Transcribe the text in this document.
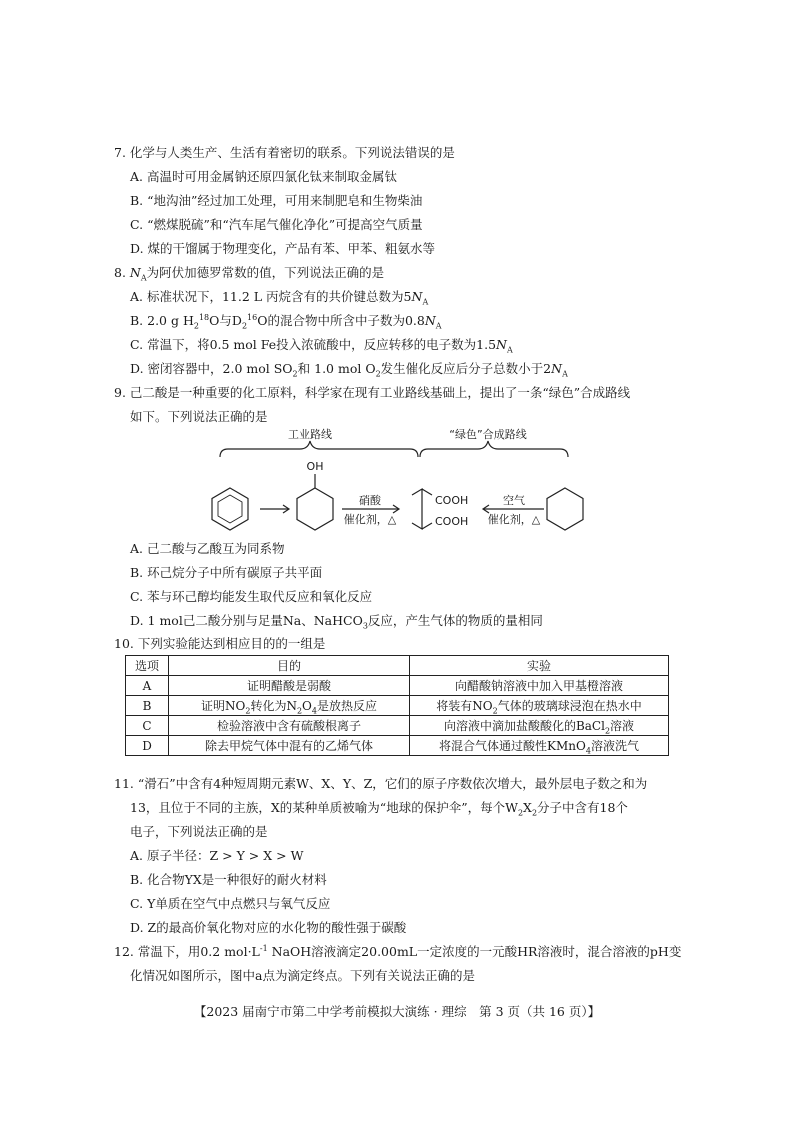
7. 化学与人类生产、生活有着密切的联系。下列说法错误的是
A. 高温时可用金属钠还原四氯化钛来制取金属钛
B. “地沟油”经过加工处理，可用来制肥皂和生物柴油
C. “燃煤脱硫”和“汽车尾气催化净化”可提高空气质量
D. 煤的干馏属于物理变化，产品有苯、甲苯、粗氨水等
8. $N_A$为阿伏加德罗常数的值，下列说法正确的是
A. 标准状况下，11.2 L 丙烷含有的共价键总数为$5N_A$
B. 2.0 g $H_2^{18}O$与$D_2^{16}O$的混合物中所含中子数为$0.8N_A$
C. 常温下，将0.5 mol Fe投入浓硫酸中，反应转移的电子数为$1.5N_A$
D. 密闭容器中，2.0 mol $SO_2$和 1.0 mol $O_2$发生催化反应后分子总数小于$2N_A$
9. 己二酸是一种重要的化工原料，科学家在现有工业路线基础上，提出了一条“绿色”合成路线
如下。下列说法正确的是
工业路线	“绿色”合成路线
OH
硝酸
催化剂，△
COOH
COOH
空气
催化剂，△
A. 己二酸与乙酸互为同系物
B. 环己烷分子中所有碳原子共平面
C. 苯与环己醇均能发生取代反应和氧化反应
D. 1 mol己二酸分别与足量Na、NaHCO$_3$反应，产生气体的物质的量相同
10. 下列实验能达到相应目的的一组是
选项	目的	实验
A	证明醋酸是弱酸	向醋酸钠溶液中加入甲基橙溶液
B	证明$NO_2$转化为$N_2O_4$是放热反应	将装有$NO_2$气体的玻璃球浸泡在热水中
C	检验溶液中含有硫酸根离子	向溶液中滴加盐酸酸化的BaCl$_2$溶液
D	除去甲烷气体中混有的乙烯气体	将混合气体通过酸性KMnO$_4$溶液洗气
11. “滑石”中含有4种短周期元素W、X、Y、Z，它们的原子序数依次增大，最外层电子数之和为
13，且位于不同的主族，X的某种单质被喻为“地球的保护伞”，每个$W_2X_2$分子中含有18个
电子，下列说法正确的是
A. 原子半径：Z > Y > X > W
B. 化合物YX是一种很好的耐火材料
C. Y单质在空气中点燃只与氧气反应
D. Z的最高价氧化物对应的水化物的酸性强于碳酸
12. 常温下，用0.2 $mol\cdot L^{-1}$ NaOH溶液滴定20.00mL一定浓度的一元酸HR溶液时，混合溶液的pH变
化情况如图所示，图中a点为滴定终点。下列有关说法正确的是
【2023 届南宁市第二中学考前模拟大演练 · 理综　第 3 页（共 16 页）】
